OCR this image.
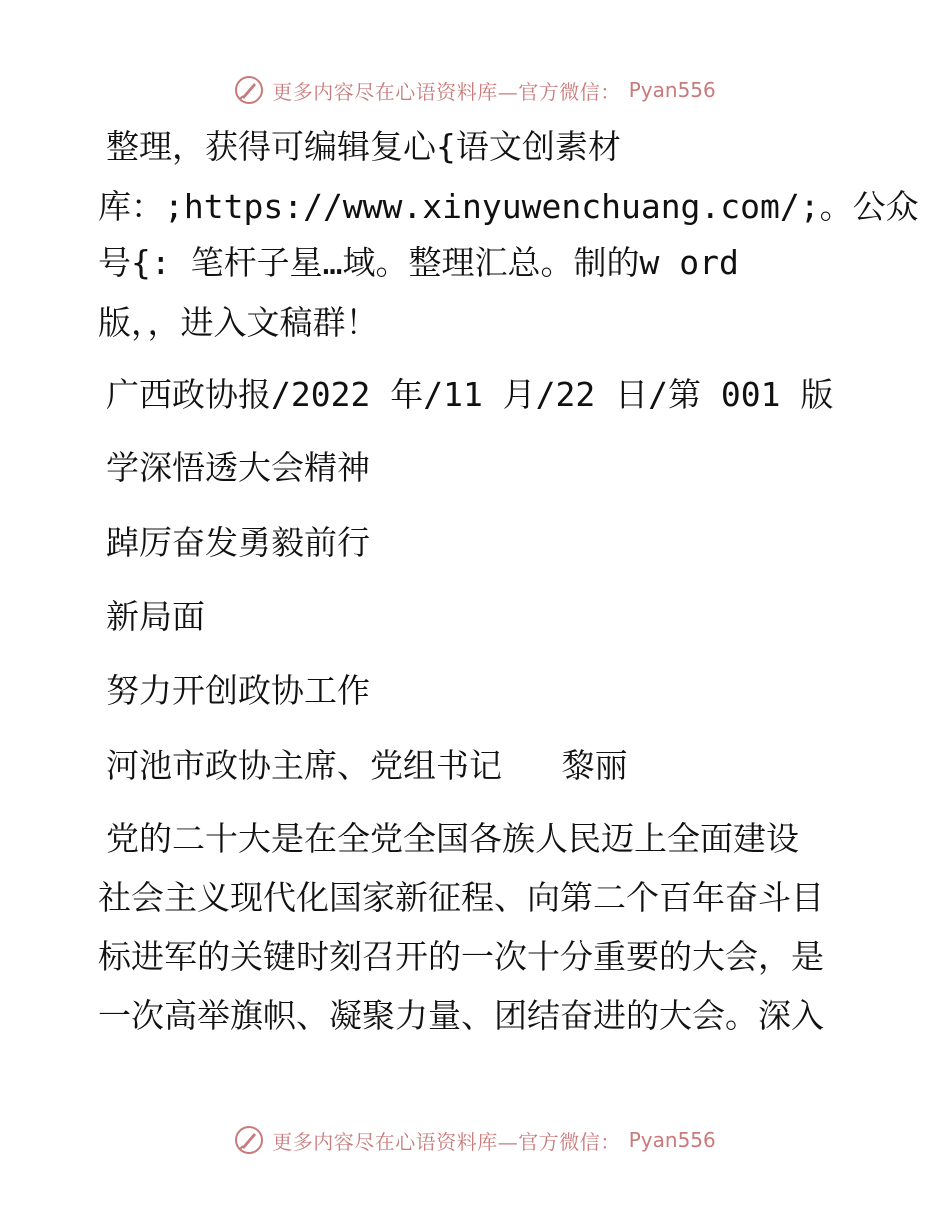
更多内容尽在心语资料库—官方微信： Pyan556
整理，获得可编辑复心{语文创素材
库：;https://www.xinyuwenchuang.com/;。公众
号{: 笔杆子星…域。整理汇总。制的w ord
版，，进入文稿群！
广西政协报/2022 年/11 月/22 日/第 001 版
学深悟透大会精神
踔厉奋发勇毅前行
新局面
努力开创政协工作
河池市政协主席、党组书记   黎丽
党的二十大是在全党全国各族人民迈上全面建设
社会主义现代化国家新征程、向第二个百年奋斗目
标进军的关键时刻召开的一次十分重要的大会，是
一次高举旗帜、凝聚力量、团结奋进的大会。深入
更多内容尽在心语资料库—官方微信： Pyan556
